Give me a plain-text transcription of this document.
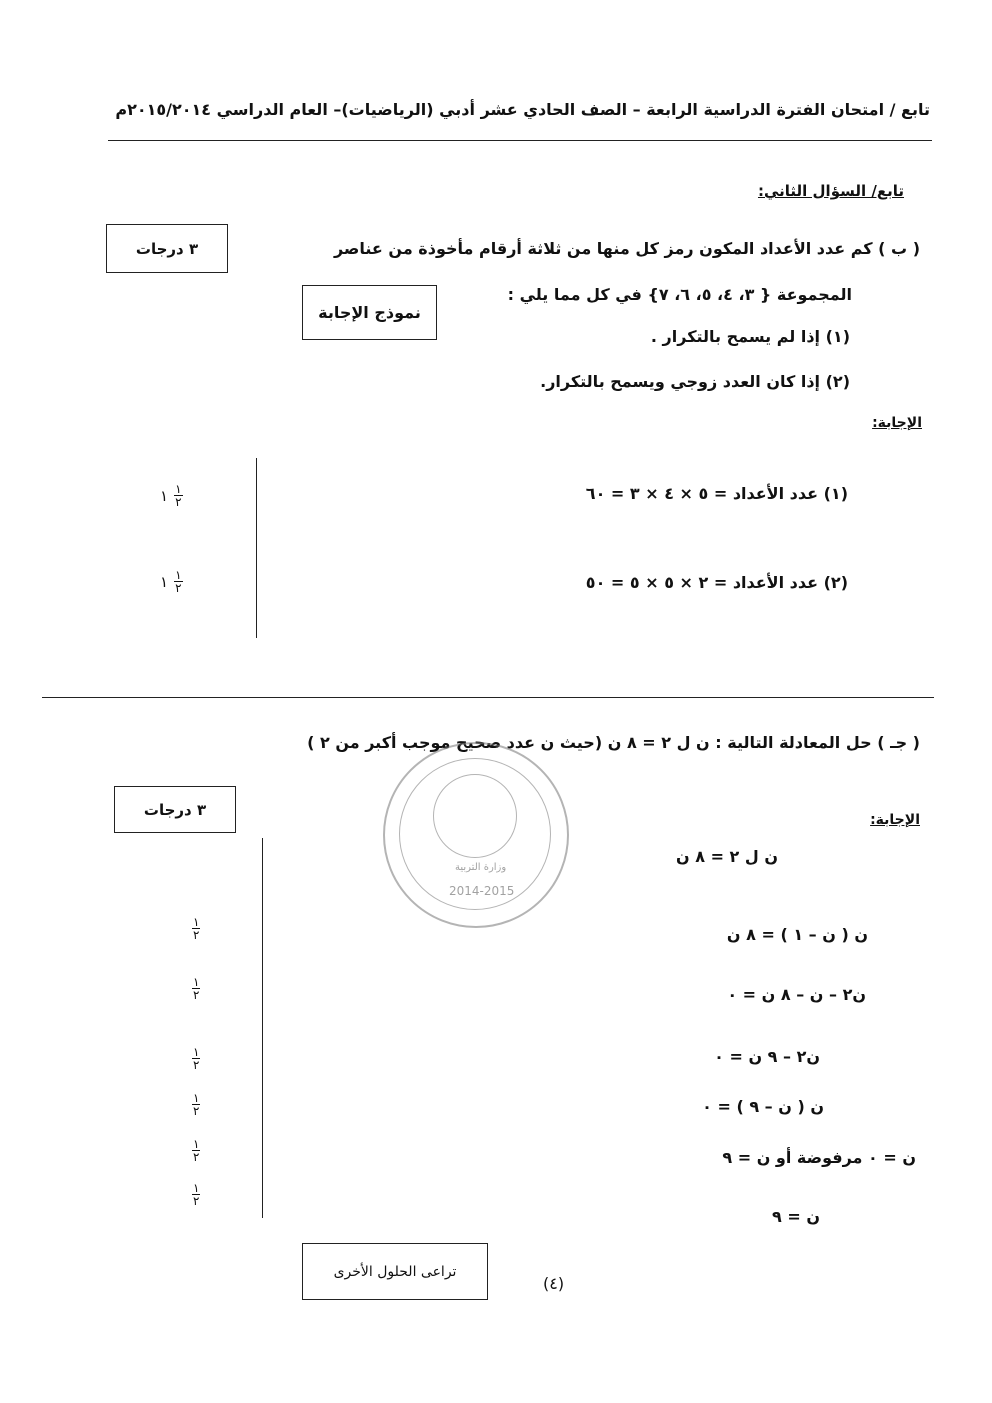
تابع / امتحان الفترة الدراسية الرابعة – الصف الحادي عشر أدبي (الرياضيات)– العام الدراسي ٢٠١٥/٢٠١٤م
تابع/ السؤال الثاني:
٣ درجات	( ب ) كم عدد الأعداد المكون رمز كل منها من ثلاثة أرقام مأخوذة من عناصر
نموذج الإجابة
المجموعة { ٣، ٤، ٥، ٦، ٧} في كل مما يلي :
(١) إذا لم يسمح بالتكرار .
(٢) إذا كان العدد زوجي ويسمح بالتكرار.
الإجابة:
(١) عدد الأعداد = ٥ × ٤ × ٣ = ٦٠
(٢) عدد الأعداد = ٢ × ٥ × ٥ = ٥٠
١ ١
٢
١ ١
٢
( جـ ) حل المعادلة التالية : ن ل ٢ = ٨ ن (حيث ن عدد صحيح موجب أكبر من ٢ )
٣ درجات
وزارة التربية
2014-2015
الإجابة:
ن ل ٢ = ٨ ن
ن ( ن – ١ ) = ٨ ن
ن٢ – ن – ٨ ن = ٠
ن٢ – ٩ ن = ٠
ن ( ن – ٩ ) = ٠
ن = ٠ مرفوضة أو ن = ٩
ن = ٩
١
٢
١
٢
١
٢
١
٢
١
٢
١
٢
تراعى الحلول الأخرى
(٤)
